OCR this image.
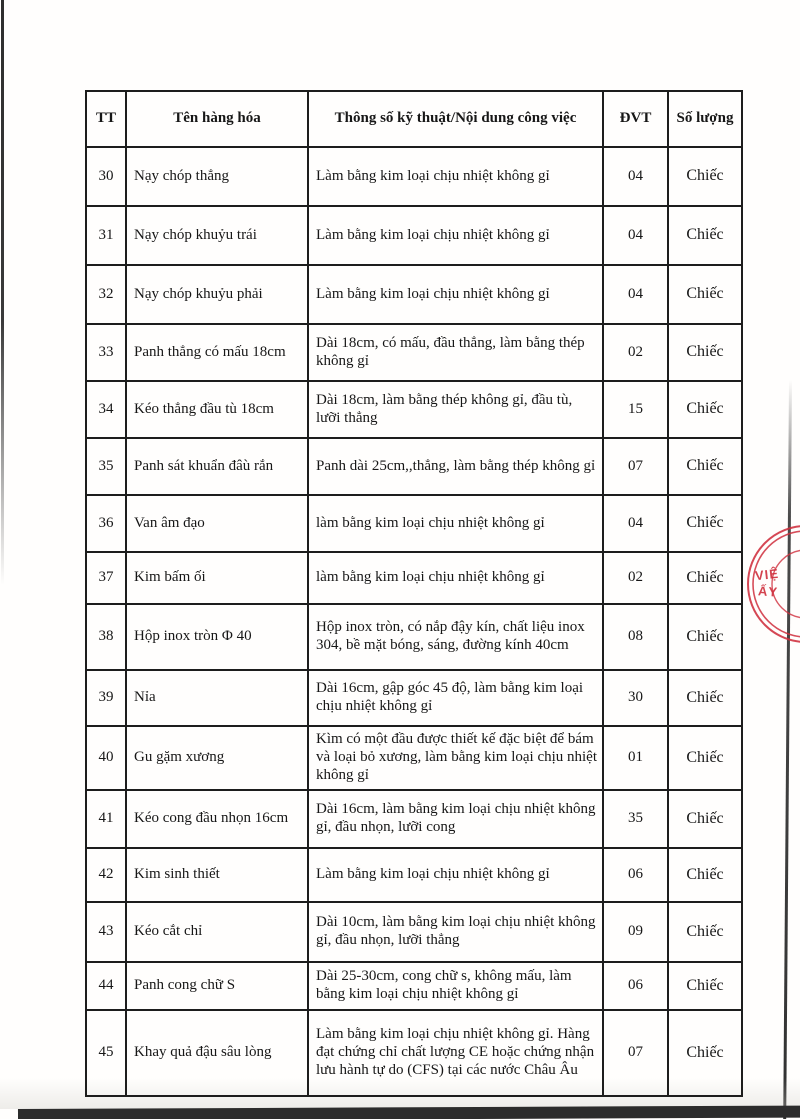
VIỆ
ẤY
TT	Tên hàng hóa	Thông số kỹ thuật/Nội dung công việc	ĐVT	Số lượng
30	Nạy chóp thẳng	Làm bằng kim loại chịu nhiệt không gỉ	04	Chiếc
31	Nạy chóp khuỷu trái	Làm bằng kim loại chịu nhiệt không gỉ	04	Chiếc
32	Nạy chóp khuỷu phải	Làm bằng kim loại chịu nhiệt không gỉ	04	Chiếc
33	Panh thẳng có mấu 18cm	Dài 18cm, có mấu, đầu thẳng, làm bằng thép không gỉ	02	Chiếc
34	Kéo thẳng đầu tù 18cm	Dài 18cm, làm bằng thép không gỉ, đầu tù, lưỡi thẳng	15	Chiếc
35	Panh sát khuẩn đâù rắn	Panh dài 25cm,,thẳng, làm bằng thép không gỉ	07	Chiếc
36	Van âm đạo	làm bằng kim loại chịu nhiệt không gỉ	04	Chiếc
37	Kim bấm ối	làm bằng kim loại chịu nhiệt không gỉ	02	Chiếc
38	Hộp inox tròn Φ 40	Hộp inox tròn, có nắp đậy kín, chất liệu inox 304, bề mặt bóng, sáng, đường kính 40cm	08	Chiếc
39	Nỉa	Dài 16cm, gập góc 45 độ, làm bằng kim loại chịu nhiệt không gỉ	30	Chiếc
40	Gu gặm xương	Kìm có một đầu được thiết kế đặc biệt để bám và loại bỏ xương, làm bằng kim loại chịu nhiệt không gỉ	01	Chiếc
41	Kéo cong đầu nhọn 16cm	Dài 16cm, làm bằng kim loại chịu nhiệt không gỉ, đầu nhọn, lưỡi cong	35	Chiếc
42	Kim sinh thiết	Làm bằng kim loại chịu nhiệt không gỉ	06	Chiếc
43	Kéo cắt chỉ	Dài 10cm, làm bằng kim loại chịu nhiệt không gỉ, đầu nhọn, lưỡi thẳng	09	Chiếc
44	Panh cong chữ S	Dài 25-30cm, cong chữ s, không mấu, làm bằng kim loại chịu nhiệt không gỉ	06	Chiếc
45	Khay quả đậu sâu lòng	Làm bằng kim loại chịu nhiệt không gỉ. Hàng đạt chứng chỉ chất lượng CE hoặc chứng nhận lưu hành tự do (CFS) tại các nước Châu Âu	07	Chiếc
